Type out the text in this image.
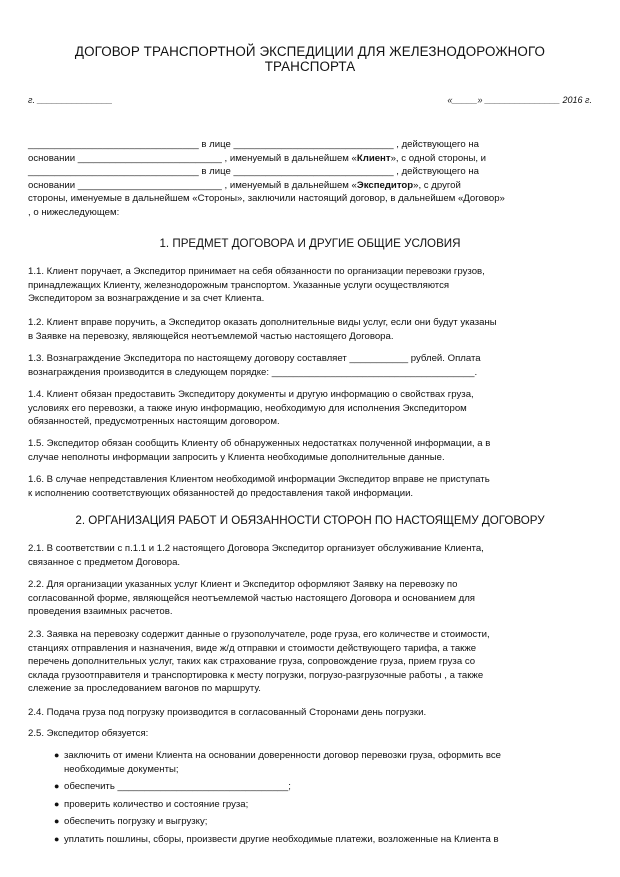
ДОГОВОР ТРАНСПОРТНОЙ ЭКСПЕДИЦИИ ДЛЯ ЖЕЛЕЗНОДОРОЖНОГО
ТРАНСПОРТА
г. _______________	«_____» _______________ 2016 г.
________________________________ в лице ______________________________ , действующего на
основании ___________________________ , именуемый в дальнейшем «Клиент», с одной стороны, и
________________________________ в лице ______________________________ , действующего на
основании ___________________________ , именуемый в дальнейшем «Экспедитор», с другой
стороны, именуемые в дальнейшем «Стороны», заключили настоящий договор, в дальнейшем «Договор»
, о нижеследующем:
1. ПРЕДМЕТ ДОГОВОРА И ДРУГИЕ ОБЩИЕ УСЛОВИЯ
1.1. Клиент поручает, а Экспедитор принимает на себя обязанности по организации перевозки грузов,
принадлежащих Клиенту, железнодорожным транспортом. Указанные услуги осуществляются
Экспедитором за вознаграждение и за счет Клиента.
1.2. Клиент вправе поручить, а Экспедитор оказать дополнительные виды услуг, если они будут указаны
в Заявке на перевозку, являющейся неотъемлемой частью настоящего Договора.
1.3. Вознаграждение Экспедитора по настоящему договору составляет ___________ рублей. Оплата
вознаграждения производится в следующем порядке: ______________________________________.
1.4. Клиент обязан предоставить Экспедитору документы и другую информацию о свойствах груза,
условиях его перевозки, а также иную информацию, необходимую для исполнения Экспедитором
обязанностей, предусмотренных настоящим договором.
1.5. Экспедитор обязан сообщить Клиенту об обнаруженных недостатках полученной информации, а в
случае неполноты информации запросить у Клиента необходимые дополнительные данные.
1.6. В случае непредставления Клиентом необходимой информации Экспедитор вправе не приступать
к исполнению соответствующих обязанностей до предоставления такой информации.
2. ОРГАНИЗАЦИЯ РАБОТ И ОБЯЗАННОСТИ СТОРОН ПО НАСТОЯЩЕМУ ДОГОВОРУ
2.1. В соответствии с п.1.1 и 1.2 настоящего Договора Экспедитор организует обслуживание Клиента,
связанное с предметом Договора.
2.2. Для организации указанных услуг Клиент и Экспедитор оформляют Заявку на перевозку по
согласованной форме, являющейся неотъемлемой частью настоящего Договора и основанием для
проведения взаимных расчетов.
2.3. Заявка на перевозку содержит данные о грузополучателе, роде груза, его количестве и стоимости,
станциях отправления и назначения, виде ж/д отправки и стоимости действующего тарифа, а также
перечень дополнительных услуг, таких как страхование груза, сопровождение груза, прием груза со
склада грузоотправителя и транспортировка к месту погрузки, погрузо-разгрузочные работы , а также
слежение за проследованием вагонов по маршруту.
2.4. Подача груза под погрузку производится в согласованный Сторонами день погрузки.
2.5. Экспедитор обязуется:
● заключить от имени Клиента на основании доверенности договор перевозки груза, оформить все
необходимые документы;
● обеспечить ________________________________;
● проверить количество и состояние груза;
● обеспечить погрузку и выгрузку;
● уплатить пошлины, сборы, произвести другие необходимые платежи, возложенные на Клиента в
